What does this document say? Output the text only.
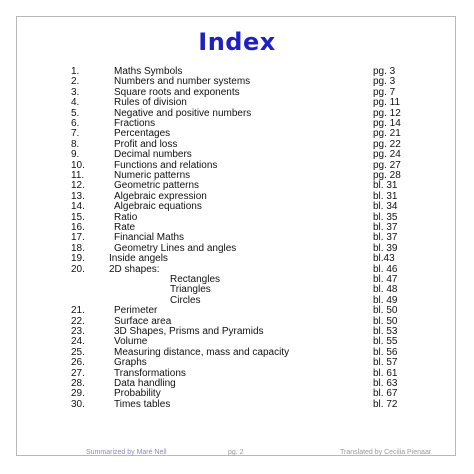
Index
1.	Maths Symbols	pg. 3
2.	Numbers and number systems	pg. 3
3.	Square roots and exponents	pg. 7
4.	Rules of division	pg. 11
5.	Negative and positive numbers	pg. 12
6.	Fractions	pg. 14
7.	Percentages	pg. 21
8.	Profit and loss	pg. 22
9.	Decimal numbers	pg. 24
10.	Functions and relations	pg. 27
11.	Numeric patterns	pg. 28
12.	Geometric patterns	bl. 31
13.	Algebraic expression	bl. 31
14.	Algebraic equations	bl. 34
15.	Ratio	bl. 35
16.	Rate	bl. 37
17.	Financial Maths	bl. 37
18.	Geometry Lines and angles	bl. 39
19. Inside angels	bl.43
20. 2D shapes:	bl. 46
Rectangles	bl. 47
Triangles	bl. 48
Circles	bl. 49
21.	Perimeter	bl. 50
22.	Surface area	bl. 50
23.	3D Shapes, Prisms and Pyramids	bl. 53
24.	Volume	bl. 55
25.	Measuring distance, mass and capacity	bl. 56
26.	Graphs	bl. 57
27.	Transformations	bl. 61
28.	Data handling	bl. 63
29.	Probability	bl. 67
30.	Times tables	bl. 72
Summarized by Maré Nell	pg. 2	Translated by Cecilia Pienaar
